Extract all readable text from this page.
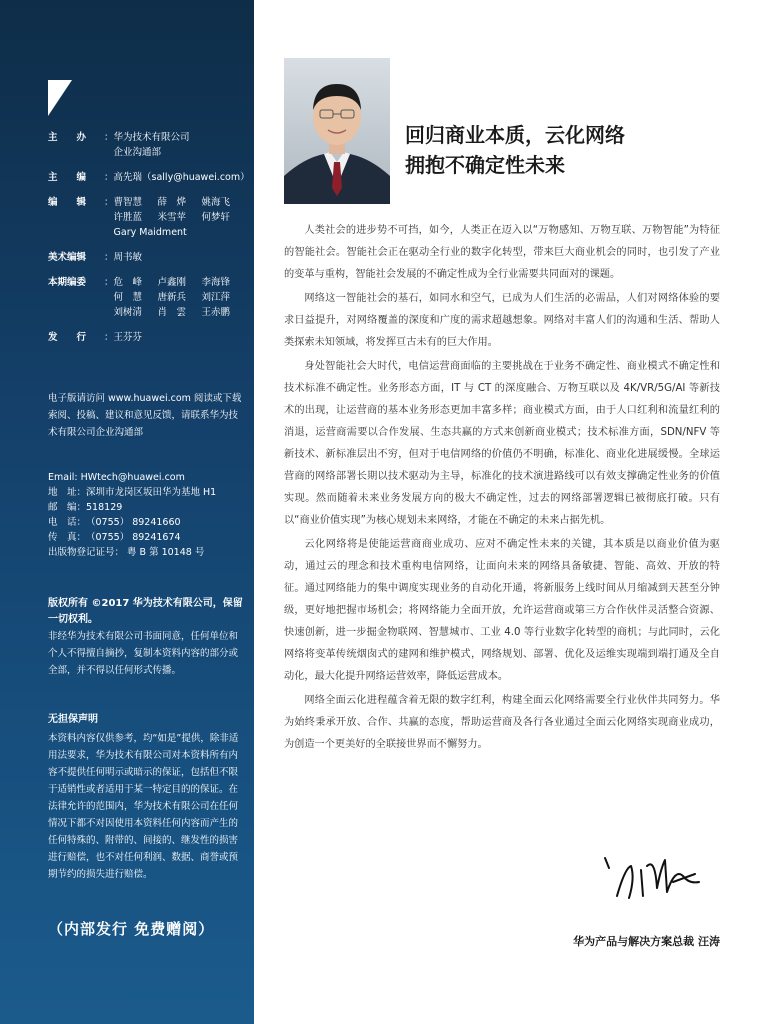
主　　办	： 华为技术有限公司
企业沟通部
主　　编	： 高先瑞（sally@huawei.com）
编　　辑	： 曹智慧	薛　烨	姚海飞
许胜蓝	米雪苹	何梦轩
Gary Maidment
美术编辑	： 周书敏
本期编委	： 危　峰	卢鑫刚	李海锋
何　慧	唐新兵	刘江萍
刘树清	肖　雲	王赤鹏
发　　行	： 王芬芬
电子版请访问 www.huawei.com 阅读或下载索阅、投稿、建议和意见反馈，请联系华为技术有限公司企业沟通部
Email: HWtech@huawei.com
地　址： 深圳市龙岗区坂田华为基地 H1
邮　编： 518129
电　话： （0755） 89241660
传　真： （0755） 89241674
出版物登记证号： 粤 B 第 10148 号
版权所有 ©2017 华为技术有限公司，保留一切权利。
非经华为技术有限公司书面同意，任何单位和个人不得擅自摘抄，复制本资料内容的部分或全部，并不得以任何形式传播。
无担保声明
本资料内容仅供参考，均“如是”提供，除非适用法要求，华为技术有限公司对本资料所有内容不提供任何明示或暗示的保证，包括但不限于适销性或者适用于某一特定目的的保证。在法律允许的范围内，华为技术有限公司在任何情况下都不对因使用本资料任何内容而产生的任何特殊的、附带的、间接的、继发性的损害进行赔偿，也不对任何利润、数据、商誉或预期节约的损失进行赔偿。
（内部发行 免费赠阅）
回归商业本质，云化网络
拥抱不确定性未来

人类社会的进步势不可挡，如今，人类正在迈入以“万物感知、万物互联、万物智能”为特征的智能社会。智能社会正在驱动全行业的数字化转型，带来巨大商业机会的同时，也引发了产业的变革与重构，智能社会发展的不确定性成为全行业需要共同面对的课题。

网络这一智能社会的基石，如同水和空气，已成为人们生活的必需品，人们对网络体验的要求日益提升，对网络覆盖的深度和广度的需求超越想象。网络对丰富人们的沟通和生活、帮助人类探索未知领域，将发挥亘古未有的巨大作用。

身处智能社会大时代，电信运营商面临的主要挑战在于业务不确定性、商业模式不确定性和技术标准不确定性。业务形态方面，IT 与 CT 的深度融合、万物互联以及 4K/VR/5G/AI 等新技术的出现，让运营商的基本业务形态更加丰富多样；商业模式方面，由于人口红利和流量红利的消退，运营商需要以合作发展、生态共赢的方式来创新商业模式；技术标准方面，SDN/NFV 等新技术、新标准层出不穷，但对于电信网络的价值仍不明确，标准化、商业化进展缓慢。全球运营商的网络部署长期以技术驱动为主导，标准化的技术演进路线可以有效支撑确定性业务的价值实现。然而随着未来业务发展方向的极大不确定性，过去的网络部署逻辑已被彻底打破。只有以“商业价值实现”为核心规划未来网络，才能在不确定的未来占据先机。

云化网络将是使能运营商商业成功、应对不确定性未来的关键，其本质是以商业价值为驱动，通过云的理念和技术重构电信网络，让面向未来的网络具备敏捷、智能、高效、开放的特征。通过网络能力的集中调度实现业务的自动化开通，将新服务上线时间从月缩减到天甚至分钟级，更好地把握市场机会；将网络能力全面开放，允许运营商或第三方合作伙伴灵活整合资源、快速创新，进一步掘金物联网、智慧城市、工业 4.0 等行业数字化转型的商机；与此同时，云化网络将变革传统烟囱式的建网和维护模式，网络规划、部署、优化及运维实现端到端打通及全自动化，最大化提升网络运营效率，降低运营成本。

网络全面云化进程蕴含着无限的数字红利，构建全面云化网络需要全行业伙伴共同努力。华为始终秉承开放、合作、共赢的态度，帮助运营商及各行各业通过全面云化网络实现商业成功，为创造一个更美好的全联接世界而不懈努力。

华为产品与解决方案总裁 汪涛
